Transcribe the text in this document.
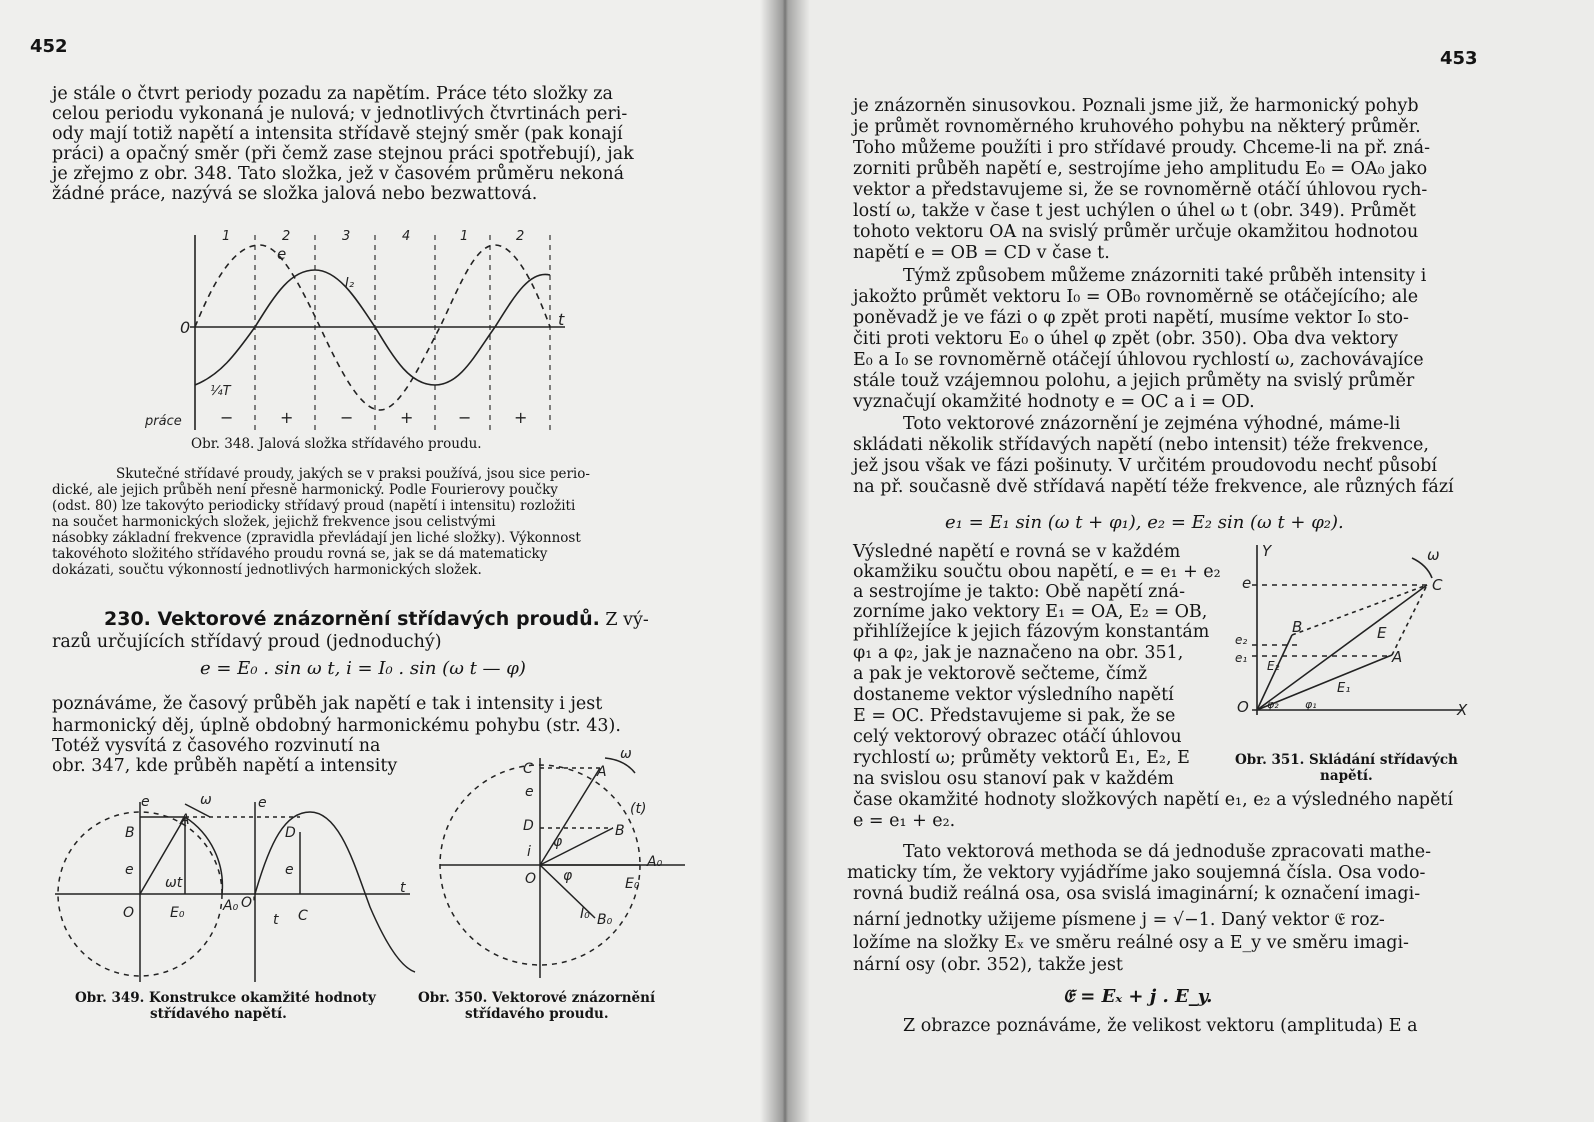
452
je stále o čtvrt periody pozadu za napětím. Práce této složky za
celou periodu vykonaná je nulová; v jednotlivých čtvrtinách peri-
ody mají totiž napětí a intensita střídavě stejný směr (pak konají
práci) a opačný směr (při čemž zase stejnou práci spotřebují), jak
je zřejmo z obr. 348. Tato složka, jež v časovém průměru nekoná
žádné práce, nazývá se složka jalová nebo bezwattová.
1	2	3	4	1	2
e
I₂
0	t
¼T
práce −	+	−	+	−	+
Obr. 348. Jalová složka střídavého proudu.
Skutečné střídavé proudy, jakých se v praksi používá, jsou sice perio-
dické, ale jejich průběh není přesně harmonický. Podle Fourierovy poučky
(odst. 80) lze takovýto periodicky střídavý proud (napětí i intensitu) rozložiti
na součet harmonických složek, jejichž frekvence jsou celistvými
násobky základní frekvence (zpravidla převládají jen liché složky). Výkonnost
takovéhoto složitého střídavého proudu rovná se, jak se dá matematicky
dokázati, součtu výkonností jednotlivých harmonických složek.
230. Vektorové znázornění střídavých proudů. Z vý-
razů určujících střídavý proud (jednoduchý)
e = E₀ . sin ω t, i = I₀ . sin (ω t — φ)
poznáváme, že časový průběh jak napětí e tak i intensity i jest
harmonický děj, úplně obdobný harmonickému pohybu (str. 43).
Totéž vysvítá z časového rozvinutí na
obr. 347, kde průběh napětí a intensity
e	ω
B
A
e
ωt
O	E₀	A₀ O'
e
D
e
t C
t
Obr. 349. Konstrukce okamžité hodnoty
střídavého napětí.
C	A
ω
e
φ
(t)
D	B
i
A₀
O φ	E₀
I₀ B₀
Obr. 350. Vektorové znázornění
střídavého proudu.
453
je znázorněn sinusovkou. Poznali jsme již, že harmonický pohyb
je průmět rovnoměrného kruhového pohybu na některý průměr.
Toho můžeme použíti i pro střídavé proudy. Chceme-li na př. zná-
zorniti průběh napětí e, sestrojíme jeho amplitudu E₀ = OA₀ jako
vektor a představujeme si, že se rovnoměrně otáčí úhlovou rych-
lostí ω, takže v čase t jest uchýlen o úhel ω t (obr. 349). Průmět
tohoto vektoru OA na svislý průměr určuje okamžitou hodnotou
napětí e = OB = CD v čase t.
Týmž způsobem můžeme znázorniti také průběh intensity i
jakožto průmět vektoru I₀ = OB₀ rovnoměrně se otáčejícího; ale
poněvadž je ve fázi o φ zpět proti napětí, musíme vektor I₀ sto-
čiti proti vektoru E₀ o úhel φ zpět (obr. 350). Oba dva vektory
E₀ a I₀ se rovnoměrně otáčejí úhlovou rychlostí ω, zachovávajíce
stále touž vzájemnou polohu, a jejich průměty na svislý průměr
vyznačují okamžité hodnoty e = OC a i = OD.
Toto vektorové znázornění je zejména výhodné, máme-li
skládati několik střídavých napětí (nebo intensit) téže frekvence,
jež jsou však ve fázi pošinuty. V určitém proudovodu nechť působí
na př. současně dvě střídavá napětí téže frekvence, ale různých fází
e₁ = E₁ sin (ω t + φ₁), e₂ = E₂ sin (ω t + φ₂).
Výsledné napětí e rovná se v každém
okamžiku součtu obou napětí, e = e₁ + e₂
a sestrojíme je takto: Obě napětí zná-
zorníme jako vektory E₁ = OA, E₂ = OB,
přihlížejíce k jejich fázovým konstantám
φ₁ a φ₂, jak je naznačeno na obr. 351,
a pak je vektorově sečteme, čímž
dostaneme vektor výsledního napětí
E = OC. Představujeme si pak, že se
celý vektorový obrazec otáčí úhlovou
rychlostí ω; průměty vektorů E₁, E₂, E
na svislou osu stanoví pak v každém
čase okamžité hodnoty složkových napětí e₁, e₂ a výsledného napětí
e = e₁ + e₂.
Y	ω
e	C
B	E
e₂
e₁
E₂	A
E₁
O φ₂ φ₁	X
Obr. 351. Skládání střídavých
napětí.
Tato vektorová methoda se dá jednoduše zpracovati mathe-
maticky tím, že vektory vyjádříme jako soujemná čísla. Osa vodo-
rovná budiž reálná osa, osa svislá imaginární; k označení imagi-
nární jednotky užijeme písmene j = √−1. Daný vektor 𝔈 roz-
ložíme na složky Eₓ ve směru reálné osy a E_y ve směru imagi-
nární osy (obr. 352), takže jest
𝔈 = Eₓ + j . E_y.
Z obrazce poznáváme, že velikost vektoru (amplituda) E a
